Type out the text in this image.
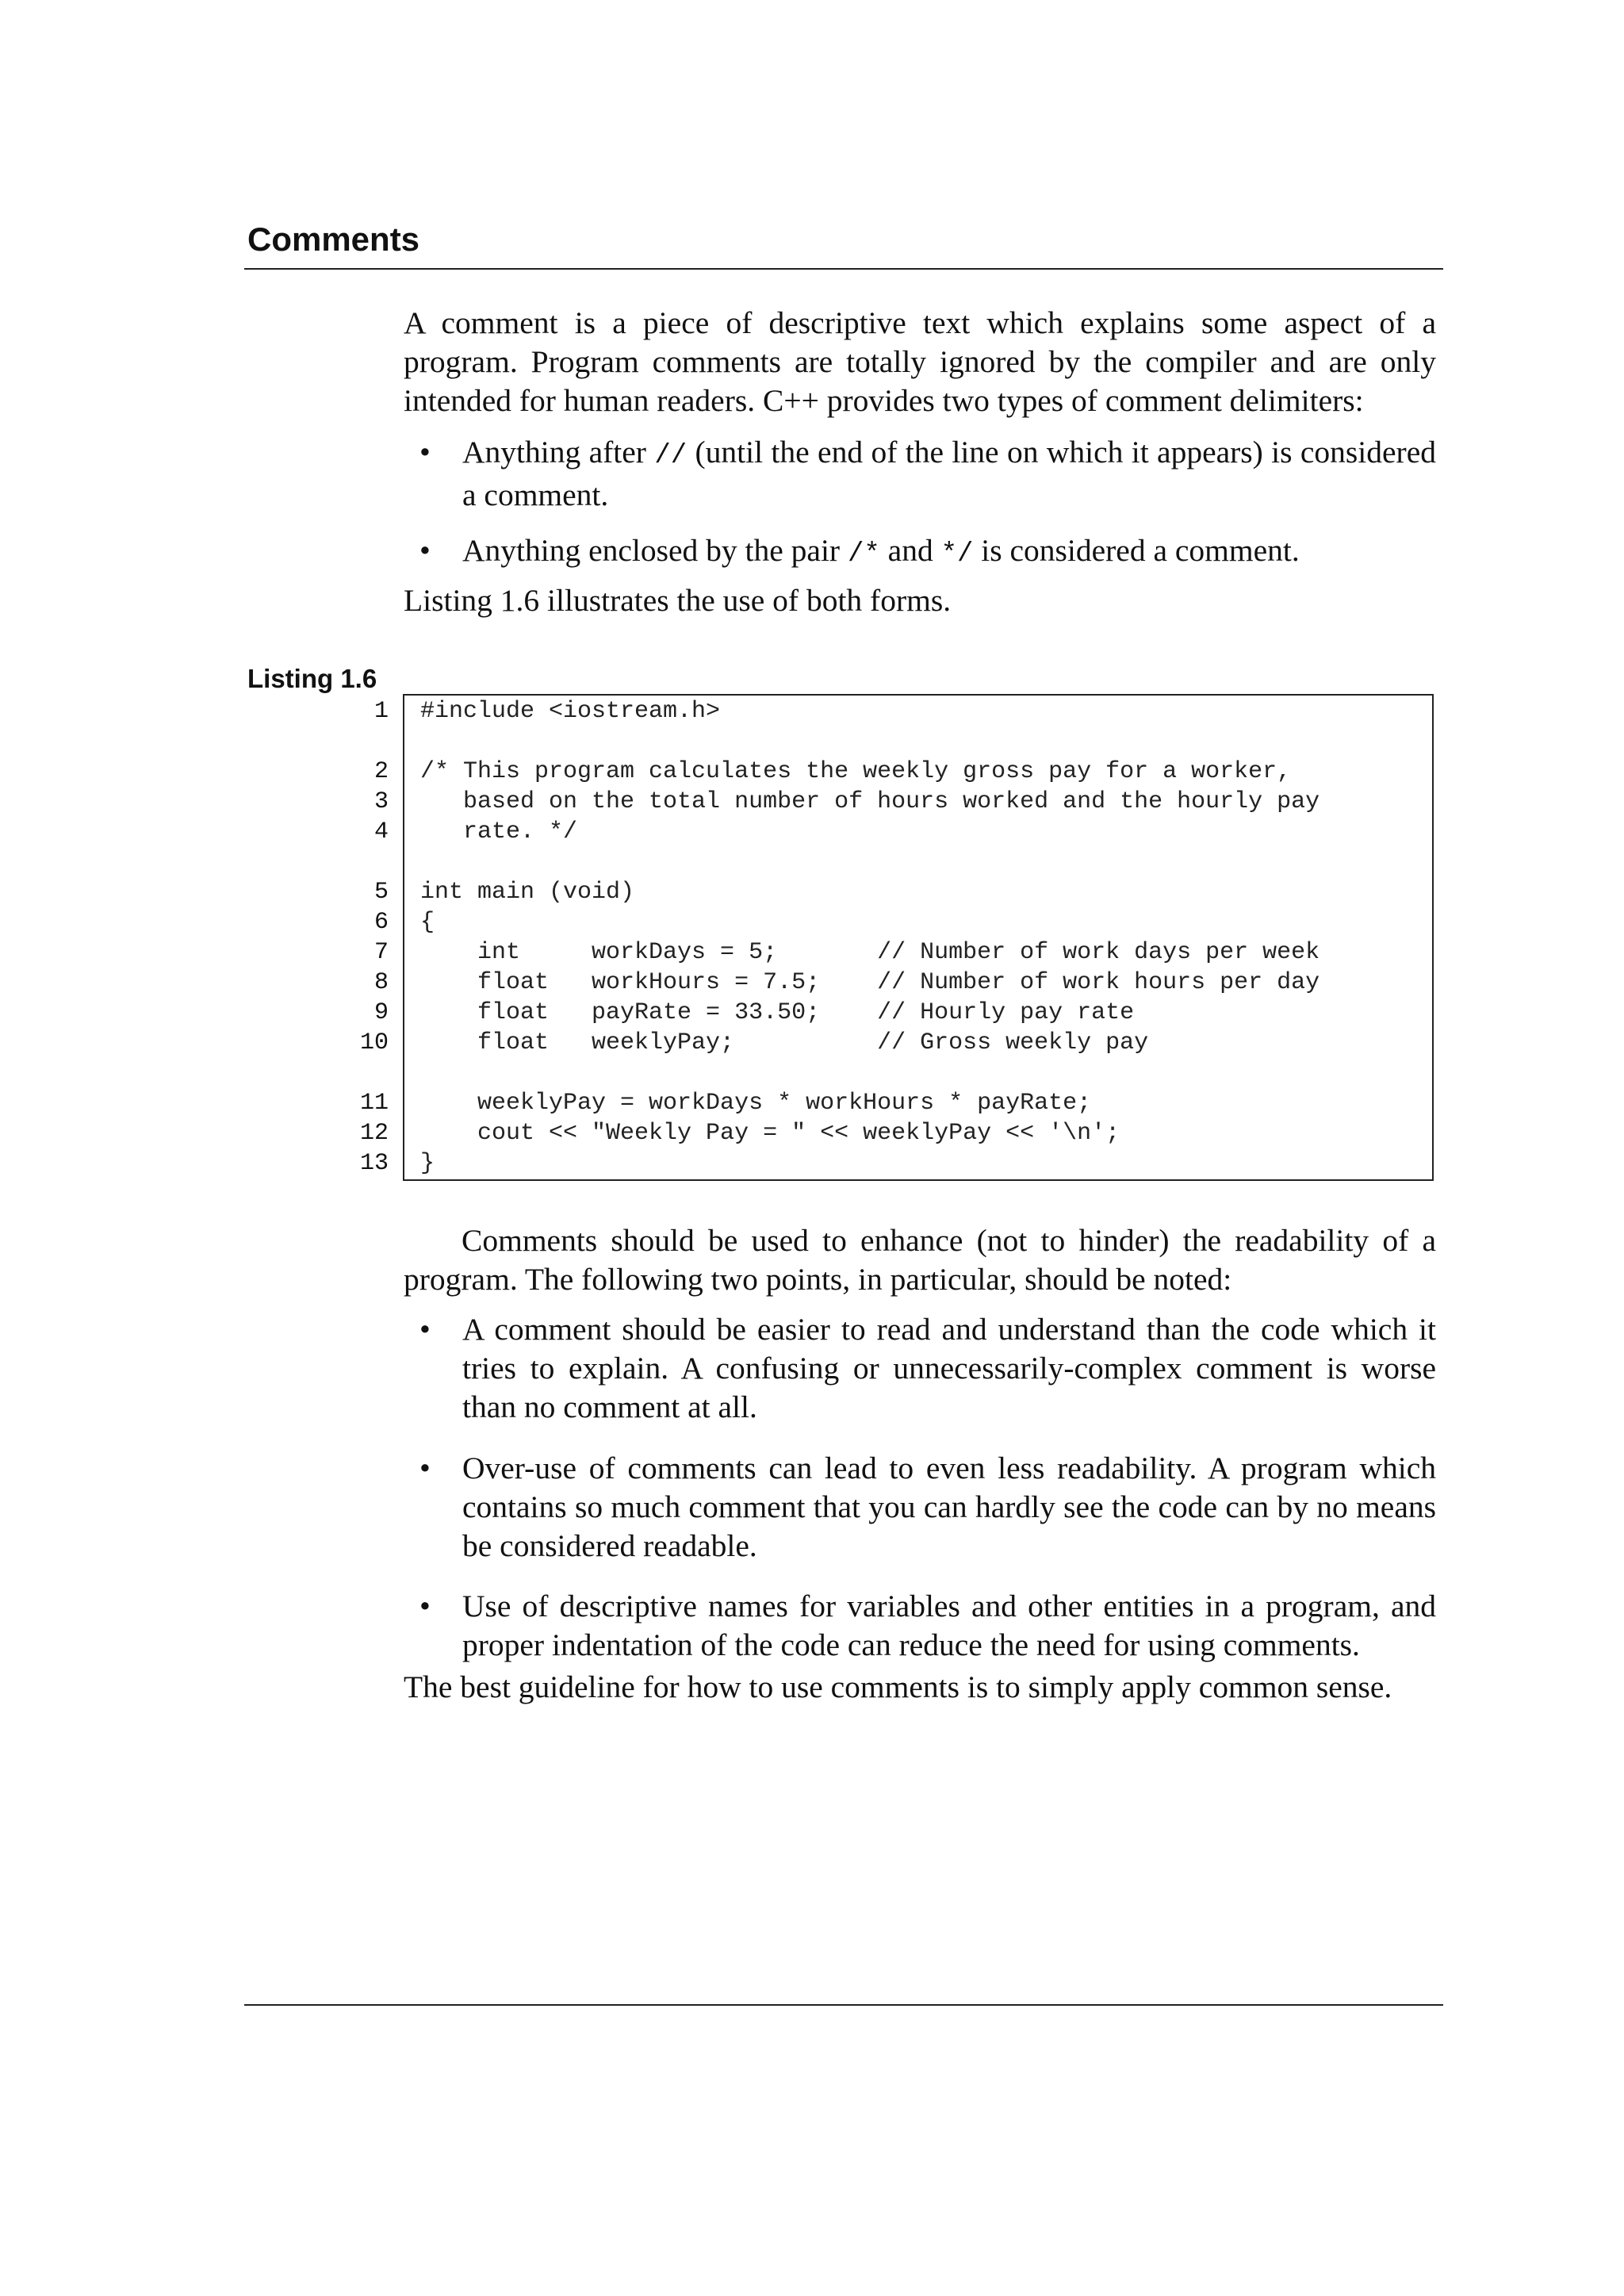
Comments

A comment is a piece of descriptive text which explains some aspect of a program. Program comments are totally ignored by the compiler and are only intended for human readers. C++ provides two types of comment delimiters:

• Anything after // (until the end of the line on which it appears) is considered a comment.
• Anything enclosed by the pair /* and */ is considered a comment.

Listing 1.6 illustrates the use of both forms.

Listing 1.6
1
2
3
4
5
6
7
8
9
10
11
12
13
#include <iostream.h>
/* This program calculates the weekly gross pay for a worker,
based on the total number of hours worked and the hourly pay
rate. */
int main (void)
{
int     workDays = 5;       // Number of work days per week
float   workHours = 7.5;    // Number of work hours per day
float   payRate = 33.50;    // Hourly pay rate
float   weeklyPay;          // Gross weekly pay
weeklyPay = workDays * workHours * payRate;
cout << "Weekly Pay = " << weeklyPay << '\n';
}

Comments should be used to enhance (not to hinder) the readability of a program. The following two points, in particular, should be noted:

• A comment should be easier to read and understand than the code which it tries to explain. A confusing or unnecessarily-complex comment is worse than no comment at all.
• Over-use of comments can lead to even less readability. A program which contains so much comment that you can hardly see the code can by no means be considered readable.
• Use of descriptive names for variables and other entities in a program, and proper indentation of the code can reduce the need for using comments.

The best guideline for how to use comments is to simply apply common sense.
